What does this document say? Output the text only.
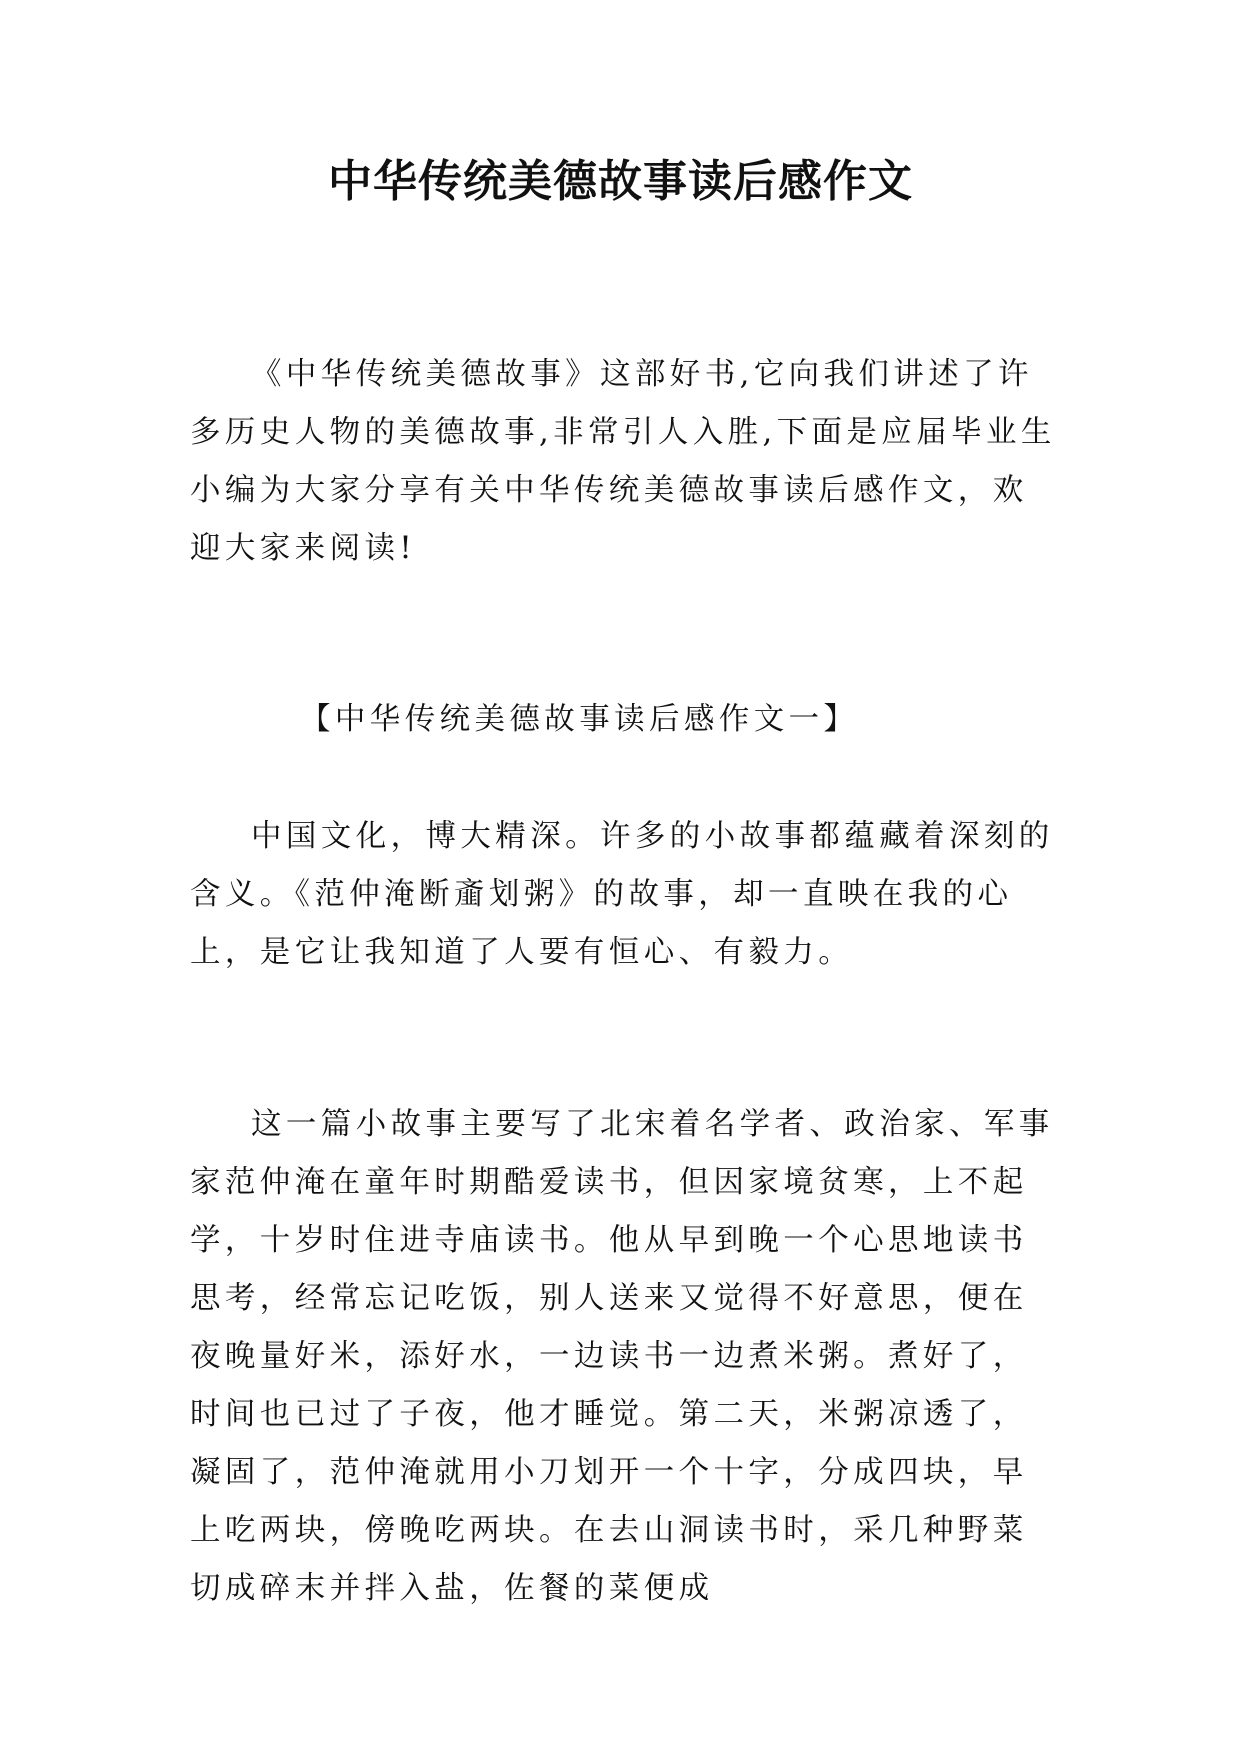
中华传统美德故事读后感作文

《中华传统美德故事》这部好书,它向我们讲述了许多历史人物的美德故事,非常引人入胜,下面是应届毕业生小编为大家分享有关中华传统美德故事读后感作文，欢迎大家来阅读!

【中华传统美德故事读后感作文一】

中国文化，博大精深。许多的小故事都蕴藏着深刻的含义。《范仲淹断齑划粥》的故事，却一直映在我的心上，是它让我知道了人要有恒心、有毅力。

这一篇小故事主要写了北宋着名学者、政治家、军事家范仲淹在童年时期酷爱读书，但因家境贫寒，上不起学，十岁时住进寺庙读书。他从早到晚一个心思地读书思考，经常忘记吃饭，别人送来又觉得不好意思，便在夜晚量好米，添好水，一边读书一边煮米粥。煮好了，时间也已过了子夜，他才睡觉。第二天，米粥凉透了，凝固了，范仲淹就用小刀划开一个十字，分成四块，早上吃两块，傍晚吃两块。在去山洞读书时，采几种野菜切成碎末并拌入盐，佐餐的菜便成
